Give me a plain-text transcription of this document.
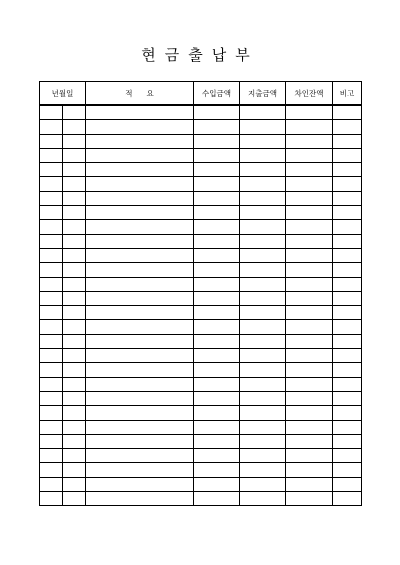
현금출납부
년월일		적요	수입금액	지출금액	차인잔액	비고
